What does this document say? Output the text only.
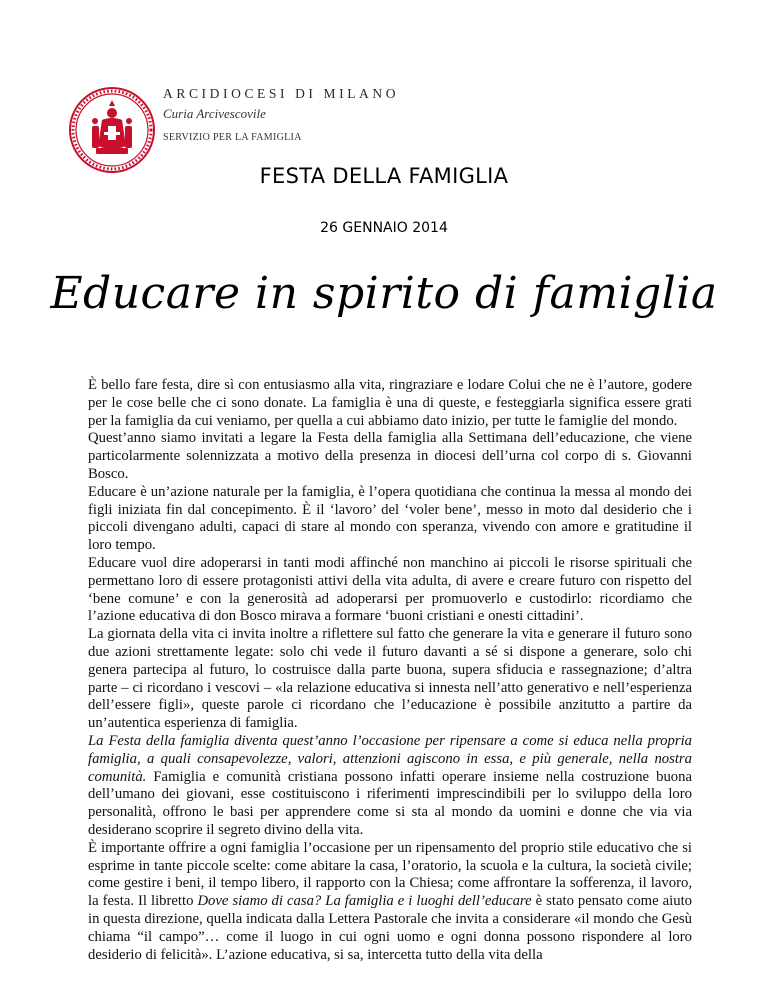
ARCIDIOCESI DI MILANO
Curia Arcivescovile
SERVIZIO PER LA FAMIGLIA
FESTA DELLA FAMIGLIA
26 GENNAIO 2014
Educare in spirito di famiglia

È bello fare festa, dire sì con entusiasmo alla vita, ringraziare e lodare Colui che ne è l’autore, godere per le cose belle che ci sono donate. La famiglia è una di queste, e festeggiarla significa essere grati per la famiglia da cui veniamo, per quella a cui abbiamo dato inizio, per tutte le famiglie del mondo.

Quest’anno siamo invitati a legare la Festa della famiglia alla Settimana dell’educazione, che viene particolarmente solennizzata a motivo della presenza in diocesi dell’urna col corpo di s. Giovanni Bosco.

Educare è un’azione naturale per la famiglia, è l’opera quotidiana che continua la messa al mondo dei figli iniziata fin dal concepimento. È il ‘lavoro’ del ‘voler bene’, messo in moto dal desiderio che i piccoli divengano adulti, capaci di stare al mondo con speranza, vivendo con amore e gratitudine il loro tempo.

Educare vuol dire adoperarsi in tanti modi affinché non manchino ai piccoli le risorse spirituali che permettano loro di essere protagonisti attivi della vita adulta, di avere e creare futuro con rispetto del ‘bene comune’ e con la generosità ad adoperarsi per promuoverlo e custodirlo: ricordiamo che l’azione educativa di don Bosco mirava a formare ‘buoni cristiani e onesti cittadini’.

La giornata della vita ci invita inoltre a riflettere sul fatto che generare la vita e generare il futuro sono due azioni strettamente legate: solo chi vede il futuro davanti a sé si dispone a generare, solo chi genera partecipa al futuro, lo costruisce dalla parte buona, supera sfiducia e rassegnazione; d’altra parte – ci ricordano i vescovi – «la relazione educativa si innesta nell’atto generativo e nell’esperienza dell’essere figli», queste parole ci ricordano che l’educazione è possibile anzitutto a partire da un’autentica esperienza di famiglia.

La Festa della famiglia diventa quest’anno l’occasione per ripensare a come si educa nella propria famiglia, a quali consapevolezze, valori, attenzioni agiscono in essa, e più generale, nella nostra comunità. Famiglia e comunità cristiana possono infatti operare insieme nella costruzione buona dell’umano dei giovani, esse costituiscono i riferimenti imprescindibili per lo sviluppo della loro personalità, offrono le basi per apprendere come si sta al mondo da uomini e donne che via via desiderano scoprire il segreto divino della vita.

È importante offrire a ogni famiglia l’occasione per un ripensamento del proprio stile educativo che si esprime in tante piccole scelte: come abitare la casa, l’oratorio, la scuola e la cultura, la società civile; come gestire i beni, il tempo libero, il rapporto con la Chiesa; come affrontare la sofferenza, il lavoro, la festa. Il libretto Dove siamo di casa? La famiglia e i luoghi dell’educare è stato pensato come aiuto in questa direzione, quella indicata dalla Lettera Pastorale che invita a considerare «il mondo che Gesù chiama “il campo”… come il luogo in cui ogni uomo e ogni donna possono rispondere al loro desiderio di felicità». L’azione educativa, si sa, intercetta tutto della vita della
